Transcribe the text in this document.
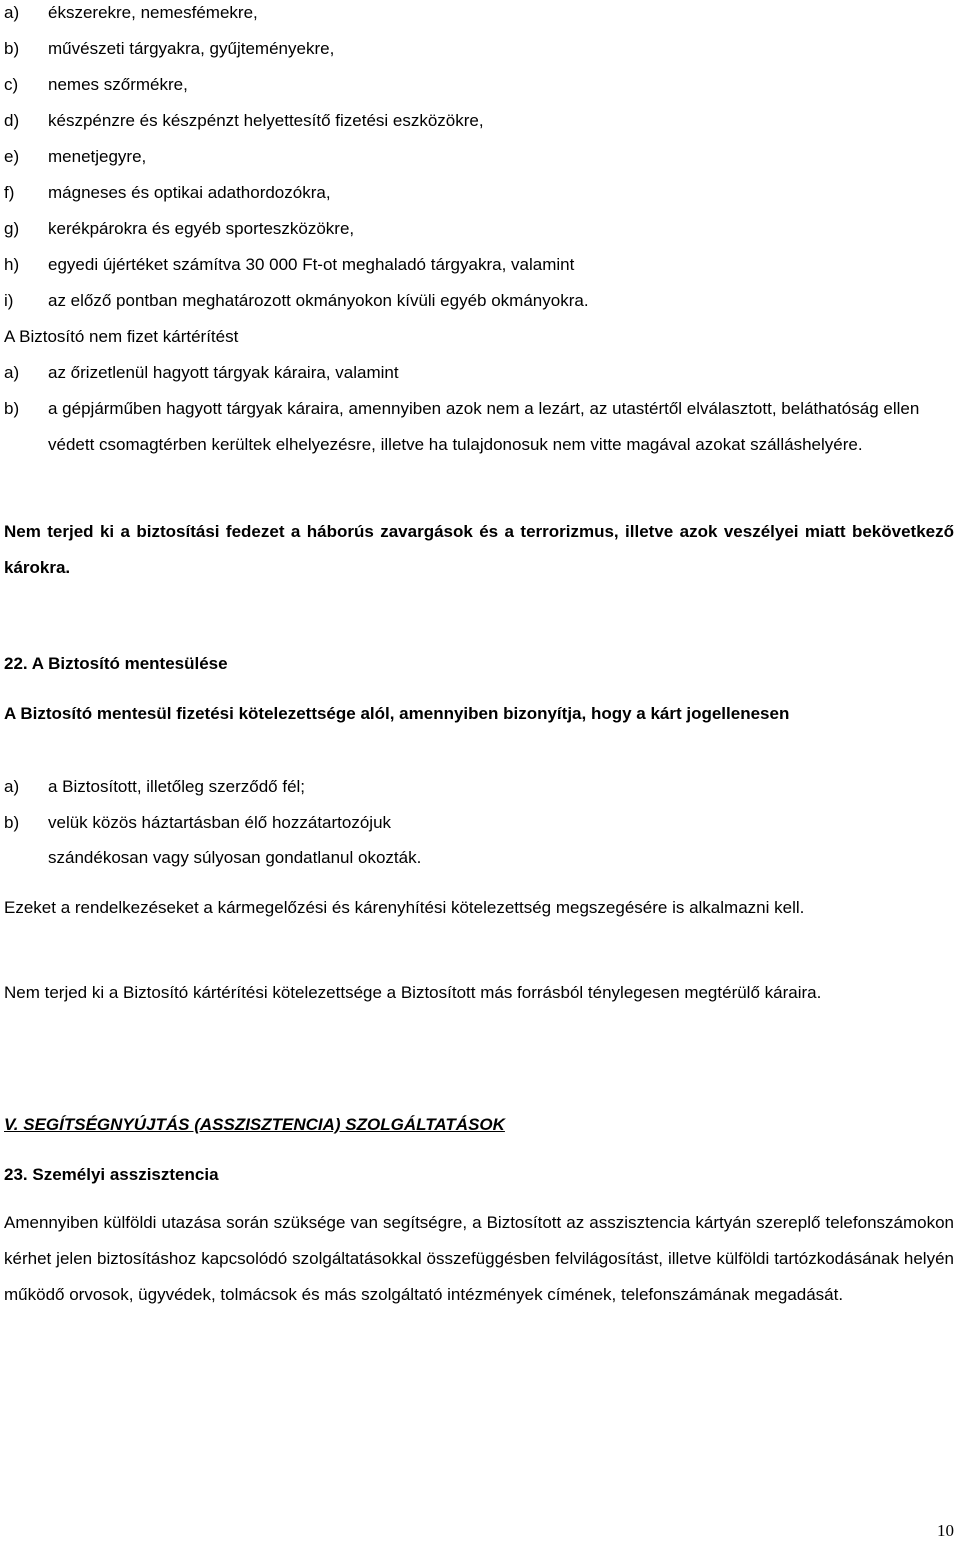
a)	ékszerekre, nemesfémekre,
b)	művészeti tárgyakra, gyűjteményekre,
c)	nemes szőrmékre,
d)	készpénzre és készpénzt helyettesítő fizetési eszközökre,
e)	menetjegyre,
f)	mágneses és optikai adathordozókra,
g)	kerékpárokra és egyéb sporteszközökre,
h)	egyedi újértéket számítva 30 000 Ft-ot meghaladó tárgyakra, valamint
i)	az előző pontban meghatározott okmányokon kívüli egyéb okmányokra.
A Biztosító nem fizet kártérítést
a)	az őrizetlenül hagyott tárgyak káraira, valamint
b)	a gépjárműben hagyott tárgyak káraira, amennyiben azok nem a lezárt, az utastértől elválasztott, beláthatóság ellen védett csomagtérben kerültek elhelyezésre, illetve ha tulajdonosuk nem vitte magával azokat szálláshelyére.
Nem terjed ki a biztosítási fedezet a háborús zavargások és a terrorizmus, illetve azok veszélyei miatt bekövetkező károkra.
22. A Biztosító mentesülése
A Biztosító mentesül fizetési kötelezettsége alól, amennyiben bizonyítja, hogy a kárt jogellenesen
a)	a Biztosított, illetőleg szerződő fél;
b)	velük közös háztartásban élő hozzátartozójuk
szándékosan vagy súlyosan gondatlanul okozták.
Ezeket a rendelkezéseket a kármegelőzési és kárenyhítési kötelezettség megszegésére is alkalmazni kell.
Nem terjed ki a Biztosító kártérítési kötelezettsége a Biztosított más forrásból ténylegesen megtérülő káraira.
V. SEGÍTSÉGNYÚJTÁS (ASSZISZTENCIA) SZOLGÁLTATÁSOK
23. Személyi asszisztencia
Amennyiben külföldi utazása során szüksége van segítségre, a Biztosított az asszisztencia kártyán szereplő telefonszámokon kérhet jelen biztosításhoz kapcsolódó szolgáltatásokkal összefüggésben felvilágosítást, illetve külföldi tartózkodásának helyén működő orvosok, ügyvédek, tolmácsok és más szolgáltató intézmények címének, telefonszámának megadását.
10
